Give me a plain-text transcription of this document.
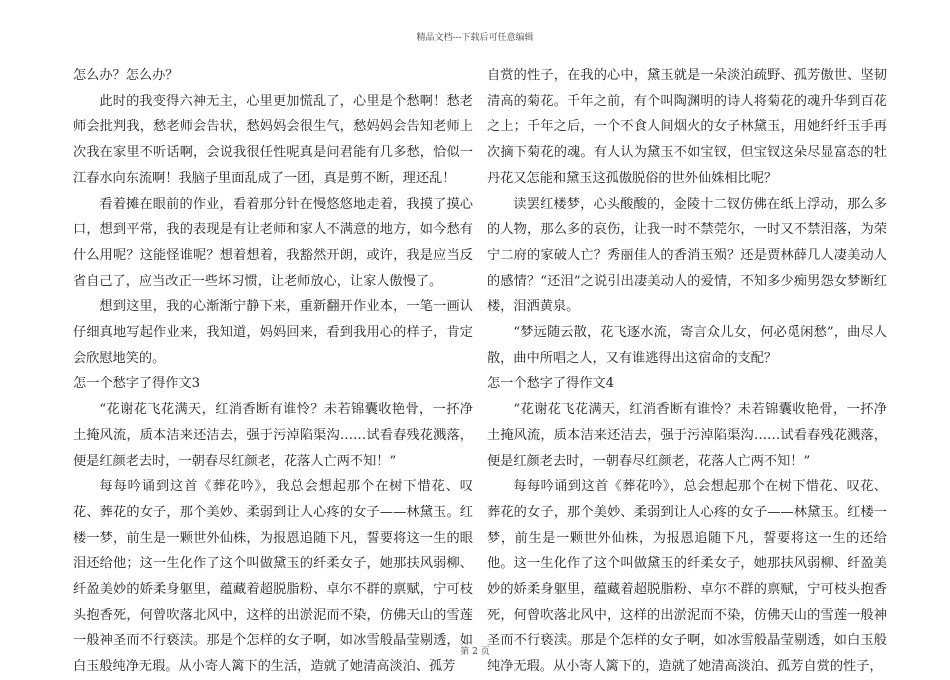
精品文档---下载后可任意编辑

怎么办？怎么办？

此时的我变得六神无主，心里更加慌乱了，心里是个愁啊！愁老师会批判我，愁老师会告状，愁妈妈会很生气，愁妈妈会告知老师上次我在家里不听话啊，会说我很任性呢真是问君能有几多愁，恰似一江春水向东流啊！我脑子里面乱成了一团，真是剪不断，理还乱！

看着摊在眼前的作业，看着那分针在慢悠悠地走着，我摸了摸心口，想到平常，我的表现是有让老师和家人不满意的地方，如今愁有什么用呢？这能怪谁呢？想着想着，我豁然开朗，或许，我是应当反省自己了，应当改正一些坏习惯，让老师放心，让家人傲慢了。

想到这里，我的心渐渐宁静下来，重新翻开作业本，一笔一画认仔细真地写起作业来，我知道，妈妈回来，看到我用心的样子，肯定会欣慰地笑的。

怎一个愁字了得作文3

“花谢花飞花满天，红消香断有谁怜？未若锦囊收艳骨，一抔净土掩风流，质本洁来还洁去，强于污淖陷渠沟……试看春残花溅落，便是红颜老去时，一朝春尽红颜老，花落人亡两不知！”

每每吟诵到这首《葬花吟》，我总会想起那个在树下惜花、叹花、葬花的女子，那个美妙、柔弱到让人心疼的女子——林黛玉。红楼一梦，前生是一颗世外仙株，为报恩追随下凡，誓要将这一生的眼泪还给他；这一生化作了这个叫做黛玉的纤柔女子，她那扶风弱柳、纤盈美妙的娇柔身躯里，蕴藏着超脱脂粉、卓尔不群的禀赋，宁可枝头抱香死，何曾吹落北风中，这样的出淤泥而不染，仿佛天山的雪莲一般神圣而不行亵渎。那是个怎样的女子啊，如冰雪般晶莹剔透，如白玉般纯净无瑕。从小寄人篱下的生活，造就了她清高淡泊、孤芳

自赏的性子，在我的心中，黛玉就是一朵淡泊疏野、孤芳傲世、坚韧清高的菊花。千年之前，有个叫陶渊明的诗人将菊花的魂升华到百花之上；千年之后，一个不食人间烟火的女子林黛玉，用她纤纤玉手再次摘下菊花的魂。有人认为黛玉不如宝钗，但宝钗这朵尽显富态的牡丹花又怎能和黛玉这孤傲脱俗的世外仙姝相比呢？

读罢红楼梦，心头酸酸的，金陵十二钗仿佛在纸上浮动，那么多的人物，那么多的哀伤，让我一时不禁莞尔，一时又不禁泪落，为荣宁二府的家破人亡？秀丽佳人的香消玉殒？还是贾林薛几人凄美动人的感情？“还泪”之说引出凄美动人的爱情，不知多少痴男怨女梦断红楼，泪洒黄泉。

“梦远随云散，花飞逐水流，寄言众儿女，何必觅闲愁”，曲尽人散，曲中所唱之人，又有谁逃得出这宿命的支配？

怎一个愁字了得作文4

“花谢花飞花满天，红消香断有谁怜？未若锦囊收艳骨，一抔净土掩风流，质本洁来还洁去，强于污淖陷渠沟……试看春残花溅落，便是红颜老去时，一朝春尽红颜老，花落人亡两不知！”

每每吟诵到这首《葬花吟》，总会想起那个在树下惜花、叹花、葬花的女子，那个美妙、柔弱到让人心疼的女子——林黛玉。红楼一梦，前生是一颗世外仙株，为报恩追随下凡，誓要将这一生的还给他。这一生化作了这个叫做黛玉的纤柔女子，她那扶风弱柳、纤盈美妙的娇柔身躯里，蕴藏着超脱脂粉、卓尔不群的禀赋，宁可枝头抱香死，何曾吹落北风中，这样的出淤泥而不染，仿佛天山的雪莲一般神圣而不行亵渎。那是个怎样的女子啊，如冰雪般晶莹剔透，如白玉般纯净无瑕。从小寄人篱下的，造就了她清高淡泊、孤芳自赏的性子，

第 2 页
